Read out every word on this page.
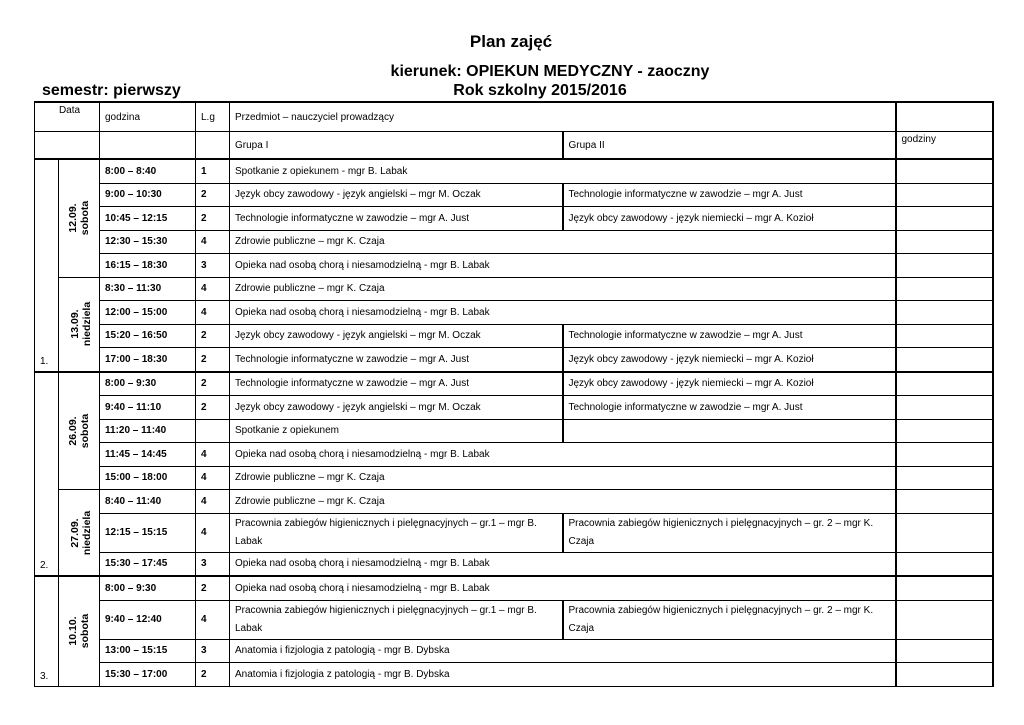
Plan zajęć
kierunek: OPIEKUN MEDYCZNY - zaoczny
semestr: pierwszy	Rok szkolny 2015/2016
Data		godzina	L.g	Przedmiot – nauczyciel prowadzący		
				Grupa I	Grupa II	godziny
1.	12.09. sobota	8:00 – 8:40	1	Spotkanie z opiekunem - mgr B. Labak		
		9:00 – 10:30	2	Język obcy zawodowy - język angielski – mgr M. Oczak	Technologie informatyczne w zawodzie – mgr A. Just	
		10:45 – 12:15	2	Technologie informatyczne w zawodzie – mgr A. Just	Język obcy zawodowy - język niemiecki – mgr A. Kozioł	
		12:30 – 15:30	4	Zdrowie publiczne – mgr K. Czaja		
		16:15 – 18:30	3	Opieka nad osobą chorą i niesamodzielną - mgr B. Labak		

	13.09. niedziela	8:30 – 11:30	4	Zdrowie publiczne – mgr K. Czaja		
		12:00 – 15:00	4	Opieka nad osobą chorą i niesamodzielną - mgr B. Labak		
		15:20 – 16:50	2	Język obcy zawodowy - język angielski – mgr M. Oczak	Technologie informatyczne w zawodzie – mgr A. Just	
		17:00 – 18:30	2	Technologie informatyczne w zawodzie – mgr A. Just	Język obcy zawodowy - język niemiecki – mgr A. Kozioł	
2.	26.09. sobota	8:00 – 9:30	2	Technologie informatyczne w zawodzie – mgr A. Just	Język obcy zawodowy - język niemiecki – mgr A. Kozioł	
		9:40 – 11:10	2	Język obcy zawodowy - język angielski – mgr M. Oczak	Technologie informatyczne w zawodzie – mgr A. Just	
		11:20 – 11:40		Spotkanie z opiekunem		
		11:45 – 14:45	4	Opieka nad osobą chorą i niesamodzielną - mgr B. Labak		
		15:00 – 18:00	4	Zdrowie publiczne – mgr K. Czaja		

	27.09. niedziela	8:40 – 11:40	4	Zdrowie publiczne – mgr K. Czaja		
		12:15 – 15:15	4	Pracownia zabiegów higienicznych i pielęgnacyjnych – gr.1 – mgr B. Labak	Pracownia zabiegów higienicznych i pielęgnacyjnych – gr. 2 – mgr K. Czaja	
		15:30 – 17:45	3	Opieka nad osobą chorą i niesamodzielną - mgr B. Labak		
3.	10.10. sobota	8:00 – 9:30	2	Opieka nad osobą chorą i niesamodzielną - mgr B. Labak		
		9:40 – 12:40	4	Pracownia zabiegów higienicznych i pielęgnacyjnych – gr.1 – mgr B. Labak	Pracownia zabiegów higienicznych i pielęgnacyjnych – gr. 2 – mgr K. Czaja	
		13:00 – 15:15	3	Anatomia i fizjologia z patologią - mgr B. Dybska		
		15:30 – 17:00	2	Anatomia i fizjologia z patologią - mgr B. Dybska		
